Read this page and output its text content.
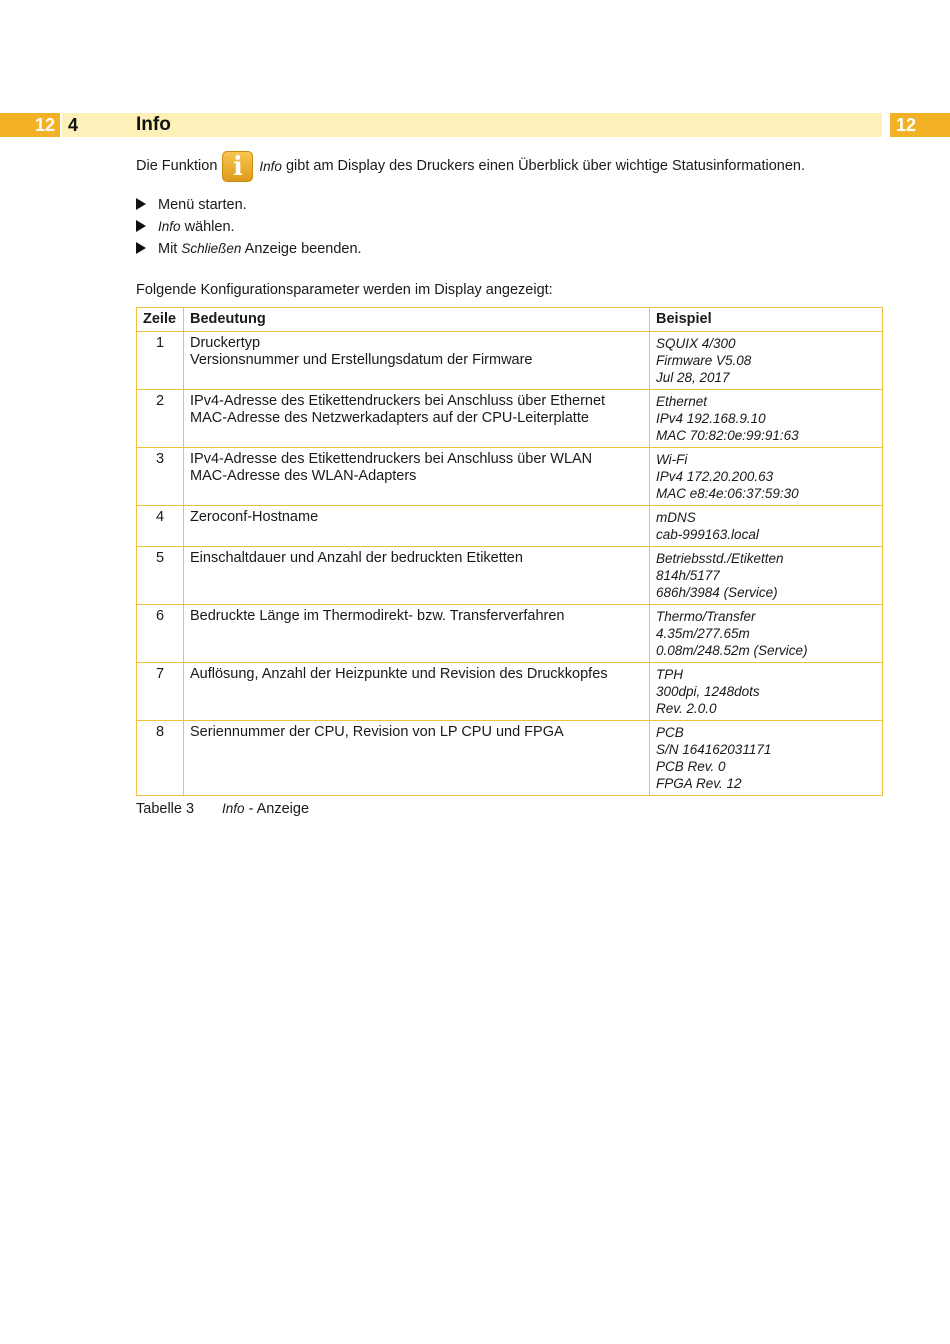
12 4	Info	12
Die Funktion i	Info
gibt am Display des Druckers einen Überblick über wichtige Statusinformationen.
Menü starten.
Info wählen.
Mit Schließen Anzeige beenden.
Folgende Konfigurationsparameter werden im Display angezeigt:
Zeile	Bedeutung	Beispiel
1	Druckertyp
Versionsnummer und Erstellungsdatum der Firmware	SQUIX 4/300
Firmware V5.08
Jul 28, 2017

2	IPv4-Adresse des Etikettendruckers bei Anschluss über Ethernet
MAC-Adresse des Netzwerkadapters auf der CPU-Leiterplatte	Ethernet
IPv4 192.168.9.10
MAC 70:82:0e:99:91:63

3	IPv4-Adresse des Etikettendruckers bei Anschluss über WLAN
MAC-Adresse des WLAN-Adapters	Wi-Fi
IPv4 172.20.200.63
MAC e8:4e:06:37:59:30

4	Zeroconf-Hostname	mDNS
cab-999163.local

5	Einschaltdauer und Anzahl der bedruckten Etiketten	Betriebsstd./Etiketten
814h/5177
686h/3984 (Service)

6	Bedruckte Länge im Thermodirekt- bzw. Transferverfahren	Thermo/Transfer
4.35m/277.65m
0.08m/248.52m (Service)

7	Auflösung, Anzahl der Heizpunkte und Revision des Druckkopfes	TPH
300dpi, 1248dots
Rev. 2.0.0

8	Seriennummer der CPU, Revision von LP CPU und FPGA	PCB
S/N 164162031171
PCB Rev. 0
FPGA Rev. 12
Tabelle 3 Info - Anzeige
